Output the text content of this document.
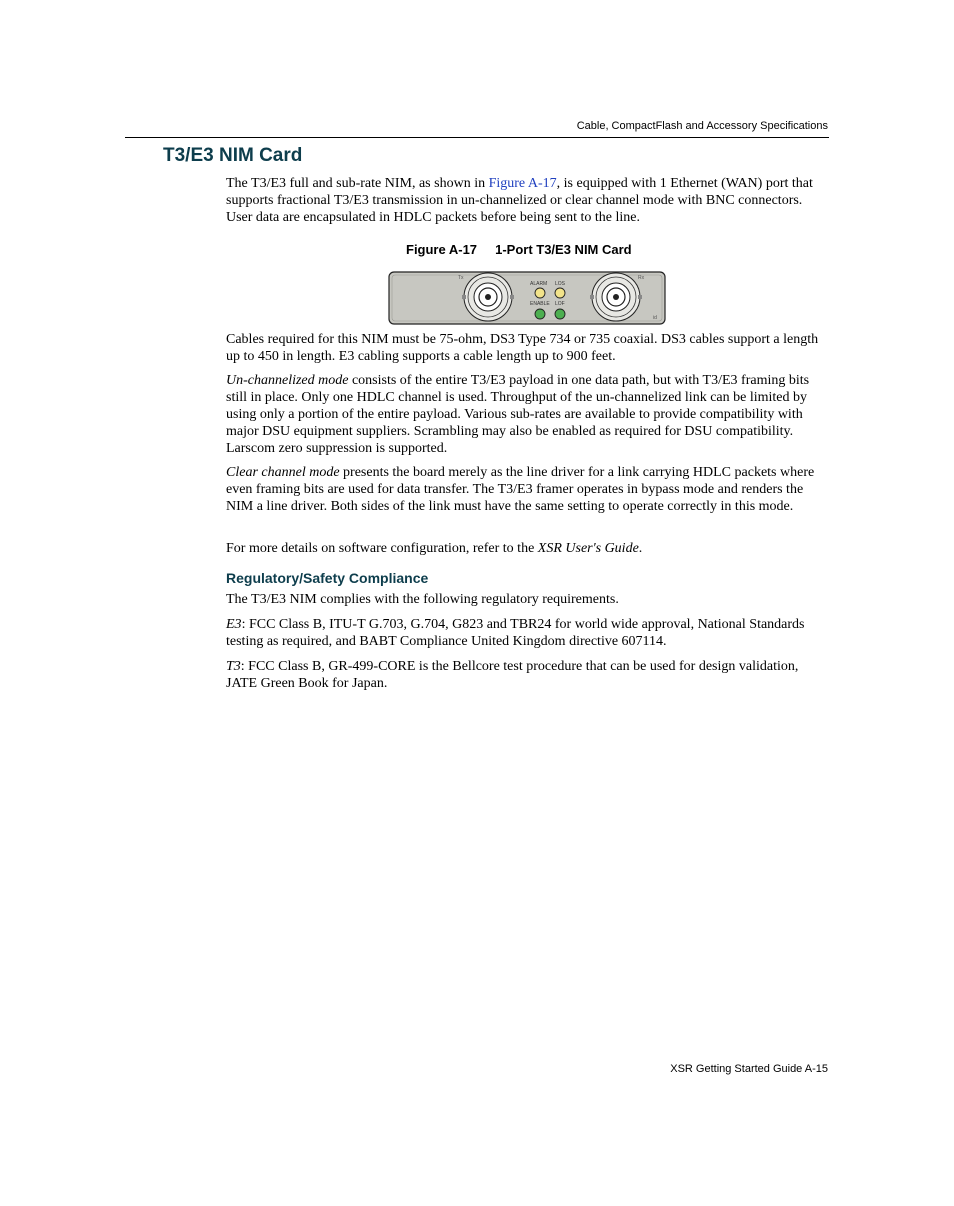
Cable, CompactFlash and Accessory Specifications
T3/E3 NIM Card

The T3/E3 full and sub-rate NIM, as shown in Figure A-17, is equipped with 1 Ethernet (WAN) port that supports fractional T3/E3 transmission in un-channelized or clear channel mode with BNC connectors. User data are encapsulated in HDLC packets before being sent to the line.

Figure A-17     1-Port T3/E3 NIM Card
Tx	Rx
ALARM LOS
ENABLE LOF
id

Cables required for this NIM must be 75-ohm, DS3 Type 734 or 735 coaxial. DS3 cables support a length up to 450 in length. E3 cabling supports a cable length up to 900 feet.

Un-channelized mode consists of the entire T3/E3 payload in one data path, but with T3/E3 framing bits still in place. Only one HDLC channel is used. Throughput of the un-channelized link can be limited by using only a portion of the entire payload. Various sub-rates are available to provide compatibility with major DSU equipment suppliers. Scrambling may also be enabled as required for DSU compatibility. Larscom zero suppression is supported.

Clear channel mode presents the board merely as the line driver for a link carrying HDLC packets where even framing bits are used for data transfer. The T3/E3 framer operates in bypass mode and renders the NIM a line driver. Both sides of the link must have the same setting to operate correctly in this mode.

For more details on software configuration, refer to the XSR User's Guide.

Regulatory/Safety Compliance

The T3/E3 NIM complies with the following regulatory requirements.

E3: FCC Class B, ITU-T G.703, G.704, G823 and TBR24 for world wide approval, National Standards testing as required, and BABT Compliance United Kingdom directive 607114.

T3: FCC Class B, GR-499-CORE is the Bellcore test procedure that can be used for design validation, JATE Green Book for Japan.

XSR Getting Started Guide A-15
